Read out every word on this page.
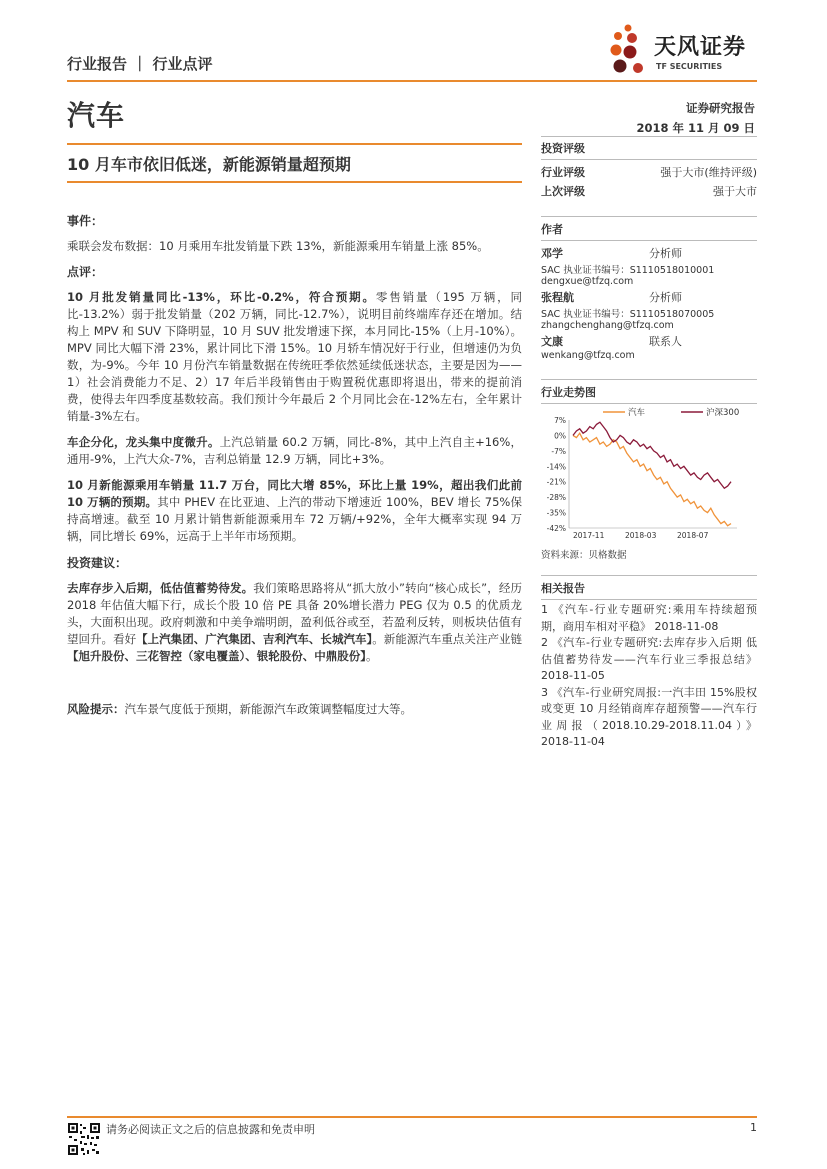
行业报告 ｜ 行业点评
天风证券
TF SECURITIES
汽车	证券研究报告
2018 年 11 月 09 日
10 月车市依旧低迷，新能源销量超预期
事件：
乘联会发布数据：10 月乘用车批发销量下跌 13%，新能源乘用车销量上涨 85%。
点评：
10 月批发销量同比-13%，环比-0.2%，符合预期。零售销量（195 万辆，同比-13.2%）弱于批发销量（202 万辆，同比-12.7%），说明目前终端库存还在增加。结构上 MPV 和 SUV 下降明显，10 月 SUV 批发增速下探，本月同比-15%（上月-10%）。MPV 同比大幅下滑 23%，累计同比下滑 15%。10 月轿车情况好于行业，但增速仍为负数，为-9%。今年 10 月份汽车销量数据在传统旺季依然延续低迷状态，主要是因为——1）社会消费能力不足、2）17 年后半段销售由于购置税优惠即将退出，带来的提前消费，使得去年四季度基数较高。我们预计今年最后 2 个月同比会在-12%左右，全年累计销量-3%左右。
车企分化，龙头集中度微升。上汽总销量 60.2 万辆，同比-8%，其中上汽自主+16%，通用-9%，上汽大众-7%，吉利总销量 12.9 万辆，同比+3%。
10 月新能源乘用车销量 11.7 万台，同比大增 85%，环比上量 19%，超出我们此前 10 万辆的预期。其中 PHEV 在比亚迪、上汽的带动下增速近 100%，BEV 增长 75%保持高增速。截至 10 月累计销售新能源乘用车 72 万辆/+92%，全年大概率实现 94 万辆，同比增长 69%，远高于上半年市场预期。
投资建议：
去库存步入后期，低估值蓄势待发。我们策略思路将从“抓大放小”转向“核心成长”，经历 2018 年估值大幅下行，成长个股 10 倍 PE 具备 20%增长潜力 PEG 仅为 0.5 的优质龙头，大面积出现。政府刺激和中美争端明朗，盈利低谷或至，若盈利反转，则板块估值有望回升。看好【上汽集团、广汽集团、吉利汽车、长城汽车】。新能源汽车重点关注产业链【旭升股份、三花智控（家电覆盖）、银轮股份、中鼎股份】。
风险提示：汽车景气度低于预期，新能源汽车政策调整幅度过大等。
投资评级
行业评级	强于大市(维持评级)
上次评级	强于大市
作者
邓学	分析师
SAC 执业证书编号：S1110518010001
dengxue@tfzq.com
张程航	分析师
SAC 执业证书编号：S1110518070005
zhangchenghang@tfzq.com
文康	联系人
wenkang@tfzq.com
行业走势图
7%
0%
-7%
-14%
-21%
-28%
-35%
-42%
2017-11	2018-03	2018-07
汽车	沪深300
资料来源：贝格数据
相关报告
1 《汽车-行业专题研究:乘用车持续超预期，商用车相对平稳》 2018-11-08
2 《汽车-行业专题研究:去库存步入后期 低估值蓄势待发——汽车行业三季报总结》 2018-11-05
3 《汽车-行业研究周报:一汽丰田 15%股权或变更 10 月经销商库存超预警——汽车行业周报（2018.10.29-2018.11.04）》 2018-11-04
请务必阅读正文之后的信息披露和免责申明	1
